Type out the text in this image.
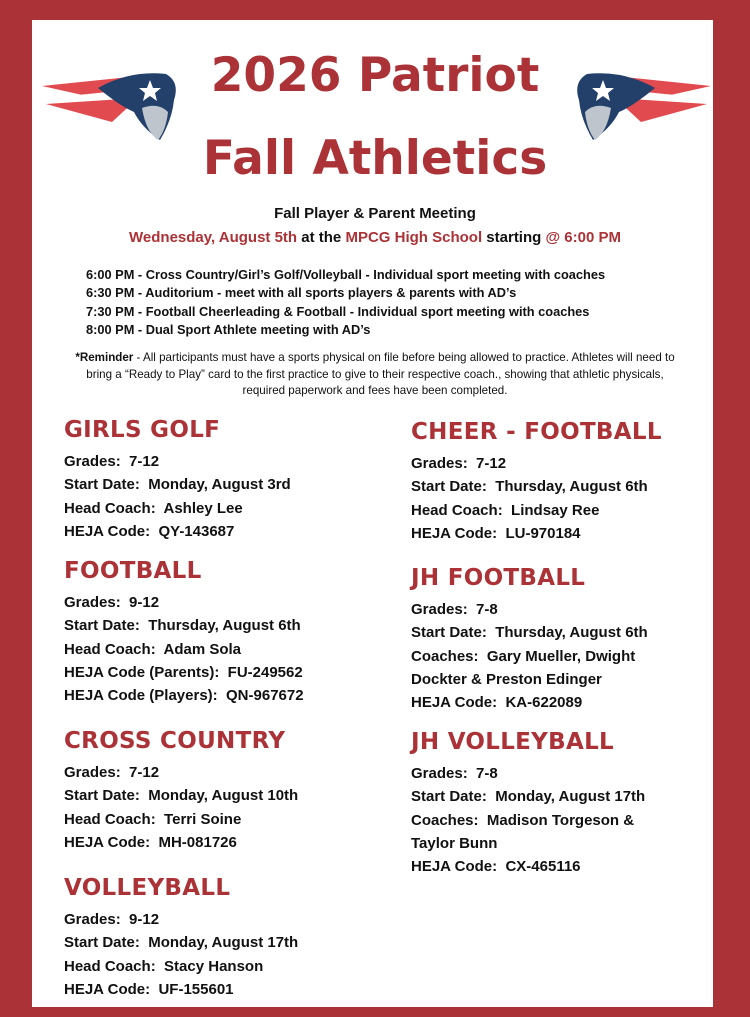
2026 Patriot
Fall Athletics
Fall Player & Parent Meeting
Wednesday, August 5th at the MPCG High School starting @ 6:00 PM
6:00 PM - Cross Country/Girl’s Golf/Volleyball - Individual sport meeting with coaches
6:30 PM - Auditorium - meet with all sports players & parents with AD’s
7:30 PM - Football Cheerleading & Football - Individual sport meeting with coaches
8:00 PM - Dual Sport Athlete meeting with AD’s
*Reminder - All participants must have a sports physical on file before being allowed to practice. Athletes will need to bring a “Ready to Play” card to the first practice to give to their respective coach., showing that athletic physicals, required paperwork and fees have been completed.
GIRLS GOLF
Grades : 7-12
Start Date : Monday, August 3rd
Head Coach : Ashley Lee
HEJA Code : QY-143687
FOOTBALL
Grades : 9-12
Start Date : Thursday, August 6th
Head Coach : Adam Sola
HEJA Code (Parents) : FU-249562
HEJA Code (Players) : QN-967672
CROSS COUNTRY
Grades : 7-12
Start Date : Monday, August 10th
Head Coach : Terri Soine
HEJA Code : MH-081726
VOLLEYBALL
Grades : 9-12
Start Date : Monday, August 17th
Head Coach : Stacy Hanson
HEJA Code : UF-155601
CHEER - FOOTBALL
Grades : 7-12
Start Date : Thursday, August 6th
Head Coach : Lindsay Ree
HEJA Code : LU-970184
JH FOOTBALL
Grades : 7-8
Start Date : Thursday, August 6th
Coaches : Gary Mueller, Dwight
Dockter & Preston Edinger
HEJA Code : KA-622089
JH VOLLEYBALL
Grades : 7-8
Start Date : Monday, August 17th
Coaches : Madison Torgeson &
Taylor Bunn
HEJA Code : CX-465116
